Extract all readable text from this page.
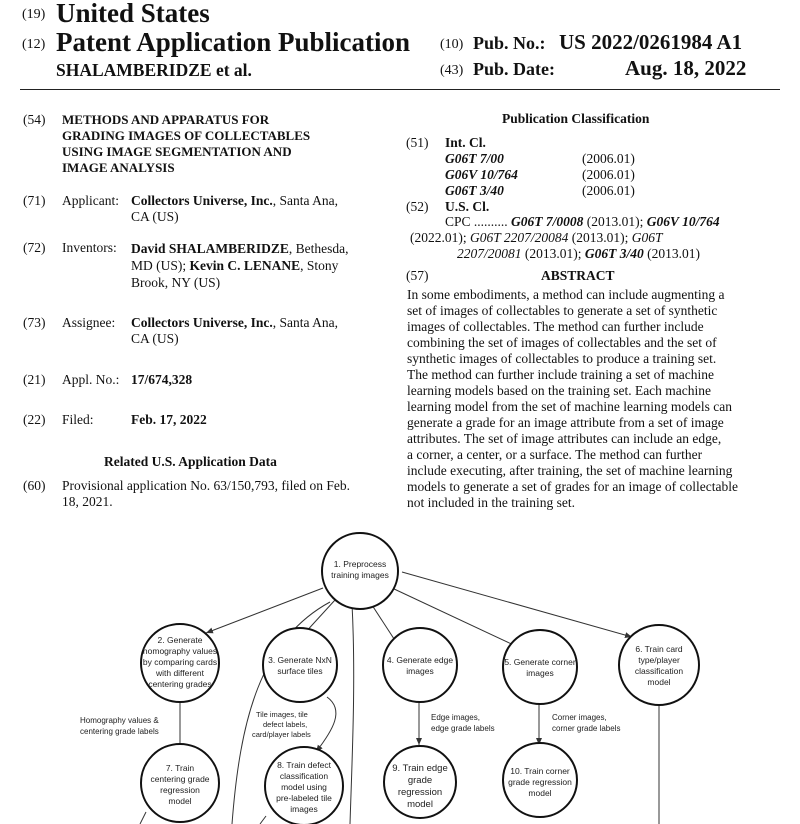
(19) United States
(12) Patent Application Publication (10) Pub. No.: US 2022/0261984 A1
SHALAMBERIDZE et al.	(43) Pub. Date:	Aug. 18, 2022
(54) METHODS AND APPARATUS FOR
GRADING IMAGES OF COLLECTABLES
USING IMAGE SEGMENTATION AND
IMAGE ANALYSIS
(71) Applicant: Collectors Universe, Inc., Santa Ana,
CA (US)
(72) Inventors: David SHALAMBERIDZE, Bethesda,
MD (US); Kevin C. LENANE, Stony
Brook, NY (US)
(73) Assignee: Collectors Universe, Inc., Santa Ana,
CA (US)
(21) Appl. No.: 17/674,328
(22) Filed:	Feb. 17, 2022
Related U.S. Application Data
(60) Provisional application No. 63/150,793, filed on Feb.
18, 2021.
Publication Classification
(51) Int. Cl.
G06T 7/00	(2006.01)
G06V 10/764	(2006.01)
G06T 3/40	(2006.01)
(52) U.S. Cl.
CPC .......... G06T 7/0008 (2013.01); G06V 10/764
(2022.01); G06T 2207/20084 (2013.01); G06T
2207/20081 (2013.01); G06T 3/40 (2013.01)
(57)	ABSTRACT
In some embodiments, a method can include augmenting a
set of images of collectables to generate a set of synthetic
images of collectables. The method can further include
combining the set of images of collectables and the set of
synthetic images of collectables to produce a training set.
The method can further include training a set of machine
learning models based on the training set. Each machine
learning model from the set of machine learning models can
generate a grade for an image attribute from a set of image
attributes. The set of image attributes can include an edge,
a corner, a center, or a surface. The method can further
include executing, after training, the set of machine learning
models to generate a set of grades for an image of collectable
not included in the training set.
1. Preprocess
training images
2. Generate
homography values
by comparing cards
with different
centering grades
3. Generate NxN
surface tiles
4. Generate edge
images
5. Generate corner
images
6. Train card
type/player
classification
model
7. Train
centering grade
regression
model
8. Train defect
classification
model using
pre-labeled tile
images
9. Train edge
grade
regression
model
10. Train corner
grade regression
model
Homography values &
centering grade labels
Tile images, tile
defect labels,
card/player labels
Edge images,
edge grade labels
Corner images,
corner grade labels
